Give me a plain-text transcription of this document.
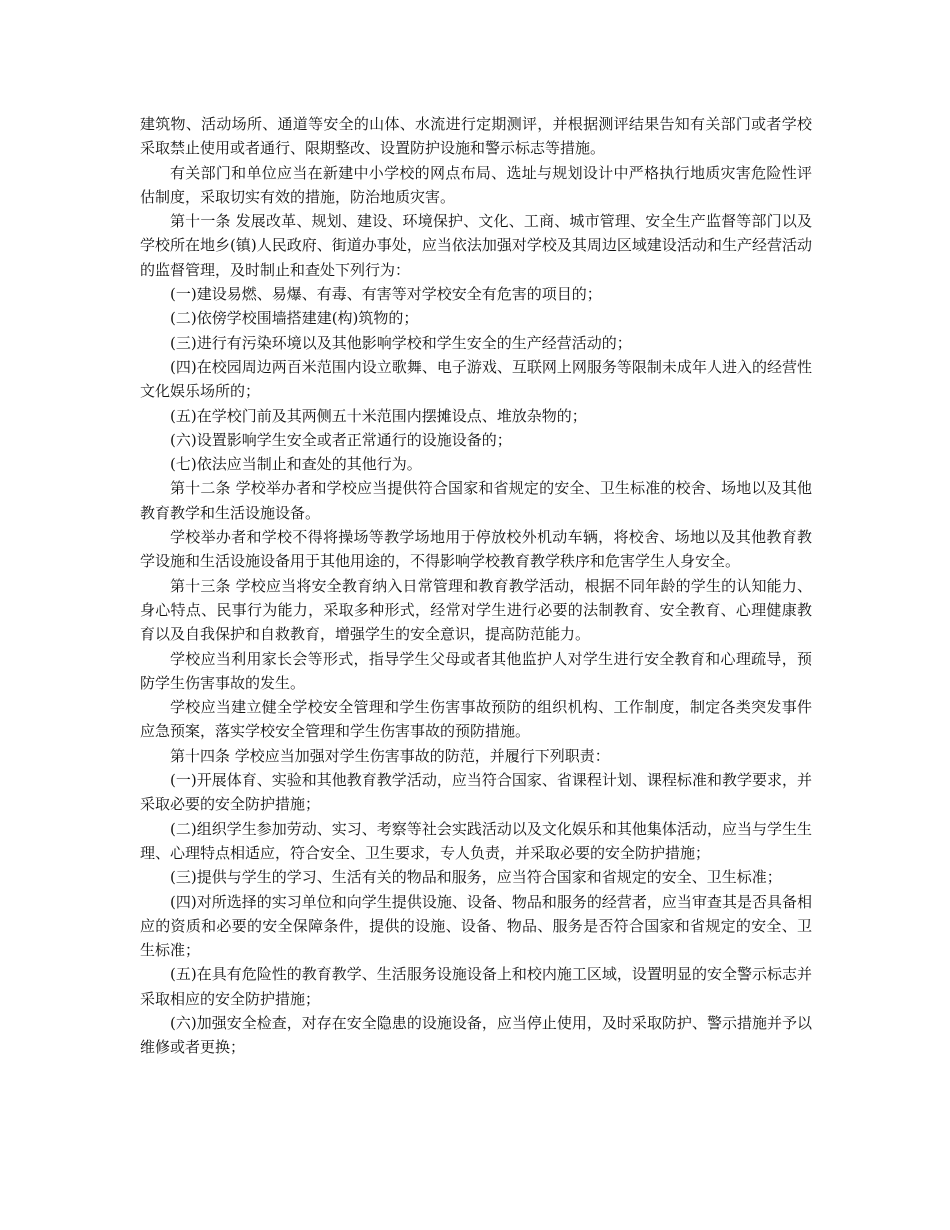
建筑物、活动场所、通道等安全的山体、水流进行定期测评，并根据测评结果告知有关部门或者学校采取禁止使用或者通行、限期整改、设置防护设施和警示标志等措施。

有关部门和单位应当在新建中小学校的网点布局、选址与规划设计中严格执行地质灾害危险性评估制度，采取切实有效的措施，防治地质灾害。

第十一条 发展改革、规划、建设、环境保护、文化、工商、城市管理、安全生产监督等部门以及学校所在地乡(镇)人民政府、街道办事处，应当依法加强对学校及其周边区域建设活动和生产经营活动的监督管理，及时制止和查处下列行为：

(一)建设易燃、易爆、有毒、有害等对学校安全有危害的项目的；

(二)依傍学校围墙搭建建(构)筑物的；

(三)进行有污染环境以及其他影响学校和学生安全的生产经营活动的；

(四)在校园周边两百米范围内设立歌舞、电子游戏、互联网上网服务等限制未成年人进入的经营性文化娱乐场所的；

(五)在学校门前及其两侧五十米范围内摆摊设点、堆放杂物的；

(六)设置影响学生安全或者正常通行的设施设备的；

(七)依法应当制止和查处的其他行为。

第十二条 学校举办者和学校应当提供符合国家和省规定的安全、卫生标准的校舍、场地以及其他教育教学和生活设施设备。

学校举办者和学校不得将操场等教学场地用于停放校外机动车辆，将校舍、场地以及其他教育教学设施和生活设施设备用于其他用途的，不得影响学校教育教学秩序和危害学生人身安全。

第十三条 学校应当将安全教育纳入日常管理和教育教学活动，根据不同年龄的学生的认知能力、身心特点、民事行为能力，采取多种形式，经常对学生进行必要的法制教育、安全教育、心理健康教育以及自我保护和自救教育，增强学生的安全意识，提高防范能力。

学校应当利用家长会等形式，指导学生父母或者其他监护人对学生进行安全教育和心理疏导，预防学生伤害事故的发生。

学校应当建立健全学校安全管理和学生伤害事故预防的组织机构、工作制度，制定各类突发事件应急预案，落实学校安全管理和学生伤害事故的预防措施。

第十四条 学校应当加强对学生伤害事故的防范，并履行下列职责：

(一)开展体育、实验和其他教育教学活动，应当符合国家、省课程计划、课程标准和教学要求，并采取必要的安全防护措施；

(二)组织学生参加劳动、实习、考察等社会实践活动以及文化娱乐和其他集体活动，应当与学生生理、心理特点相适应，符合安全、卫生要求，专人负责，并采取必要的安全防护措施；

(三)提供与学生的学习、生活有关的物品和服务，应当符合国家和省规定的安全、卫生标准；

(四)对所选择的实习单位和向学生提供设施、设备、物品和服务的经营者，应当审查其是否具备相应的资质和必要的安全保障条件，提供的设施、设备、物品、服务是否符合国家和省规定的安全、卫生标准；

(五)在具有危险性的教育教学、生活服务设施设备上和校内施工区域，设置明显的安全警示标志并采取相应的安全防护措施；

(六)加强安全检查，对存在安全隐患的设施设备，应当停止使用，及时采取防护、警示措施并予以维修或者更换；
